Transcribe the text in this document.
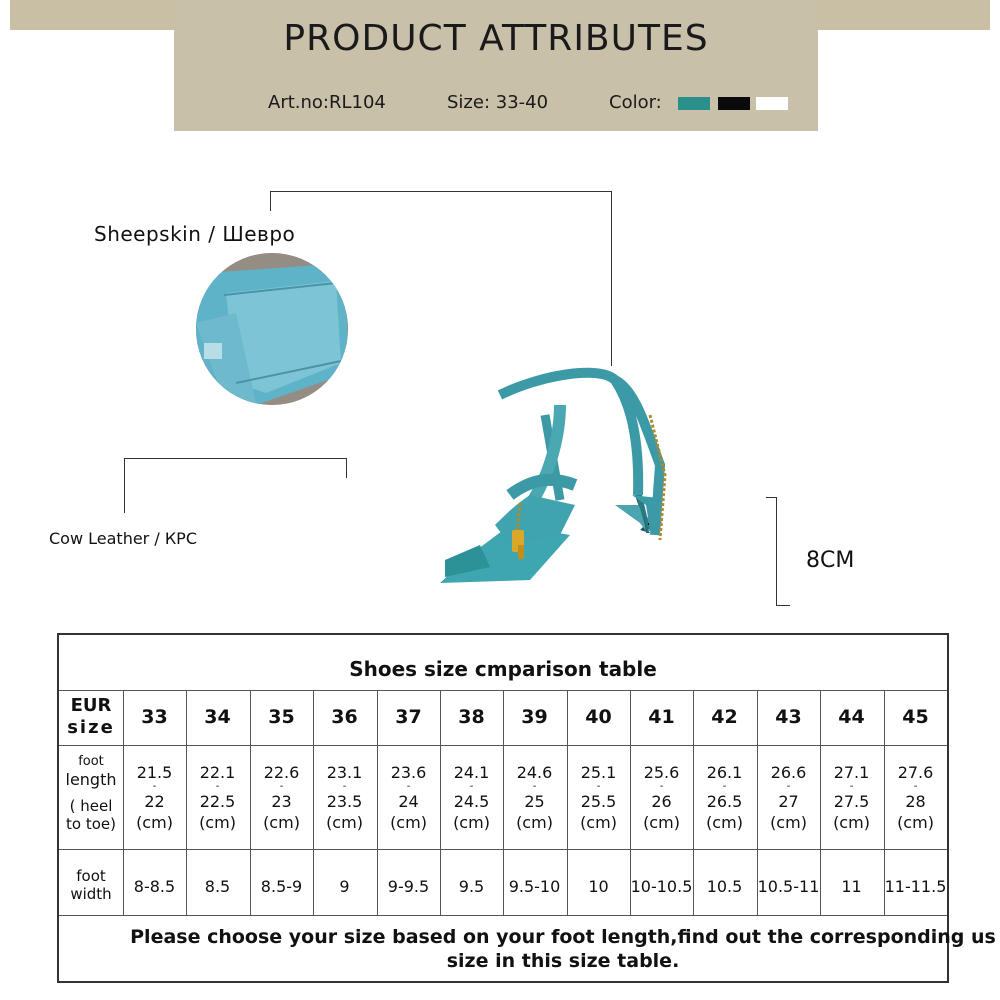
PRODUCT ATTRIBUTES
Art.no:RL104	Size: 33-40	Color:
Sheepskin / Шевро
Cow Leather / КРС
8CM
Shoes size cmparison table
EUR
size
foot
length
( heel
to toe)
foot
width
33
21.5
-
22
(cm)
8-8.5
34
22.1
-
22.5
(cm)
8.5
35
22.6
-
23
(cm)
8.5-9
36
23.1
-
23.5
(cm)
9
37
23.6
-
24
(cm)
9-9.5
38
24.1
-
24.5
(cm)
9.5
39
24.6
-
25
(cm)
9.5-10
40
25.1
-
25.5
(cm)
10
41
25.6
-
26
(cm)
10-10.5
42
26.1
-
26.5
(cm)
10.5
43
26.6
-
27
(cm)
10.5-11
44
27.1
-
27.5
(cm)
11
45
27.6
-
28
(cm)
11-11.5
Please choose your size based on your foot length,find out the corresponding us size in this size table.
